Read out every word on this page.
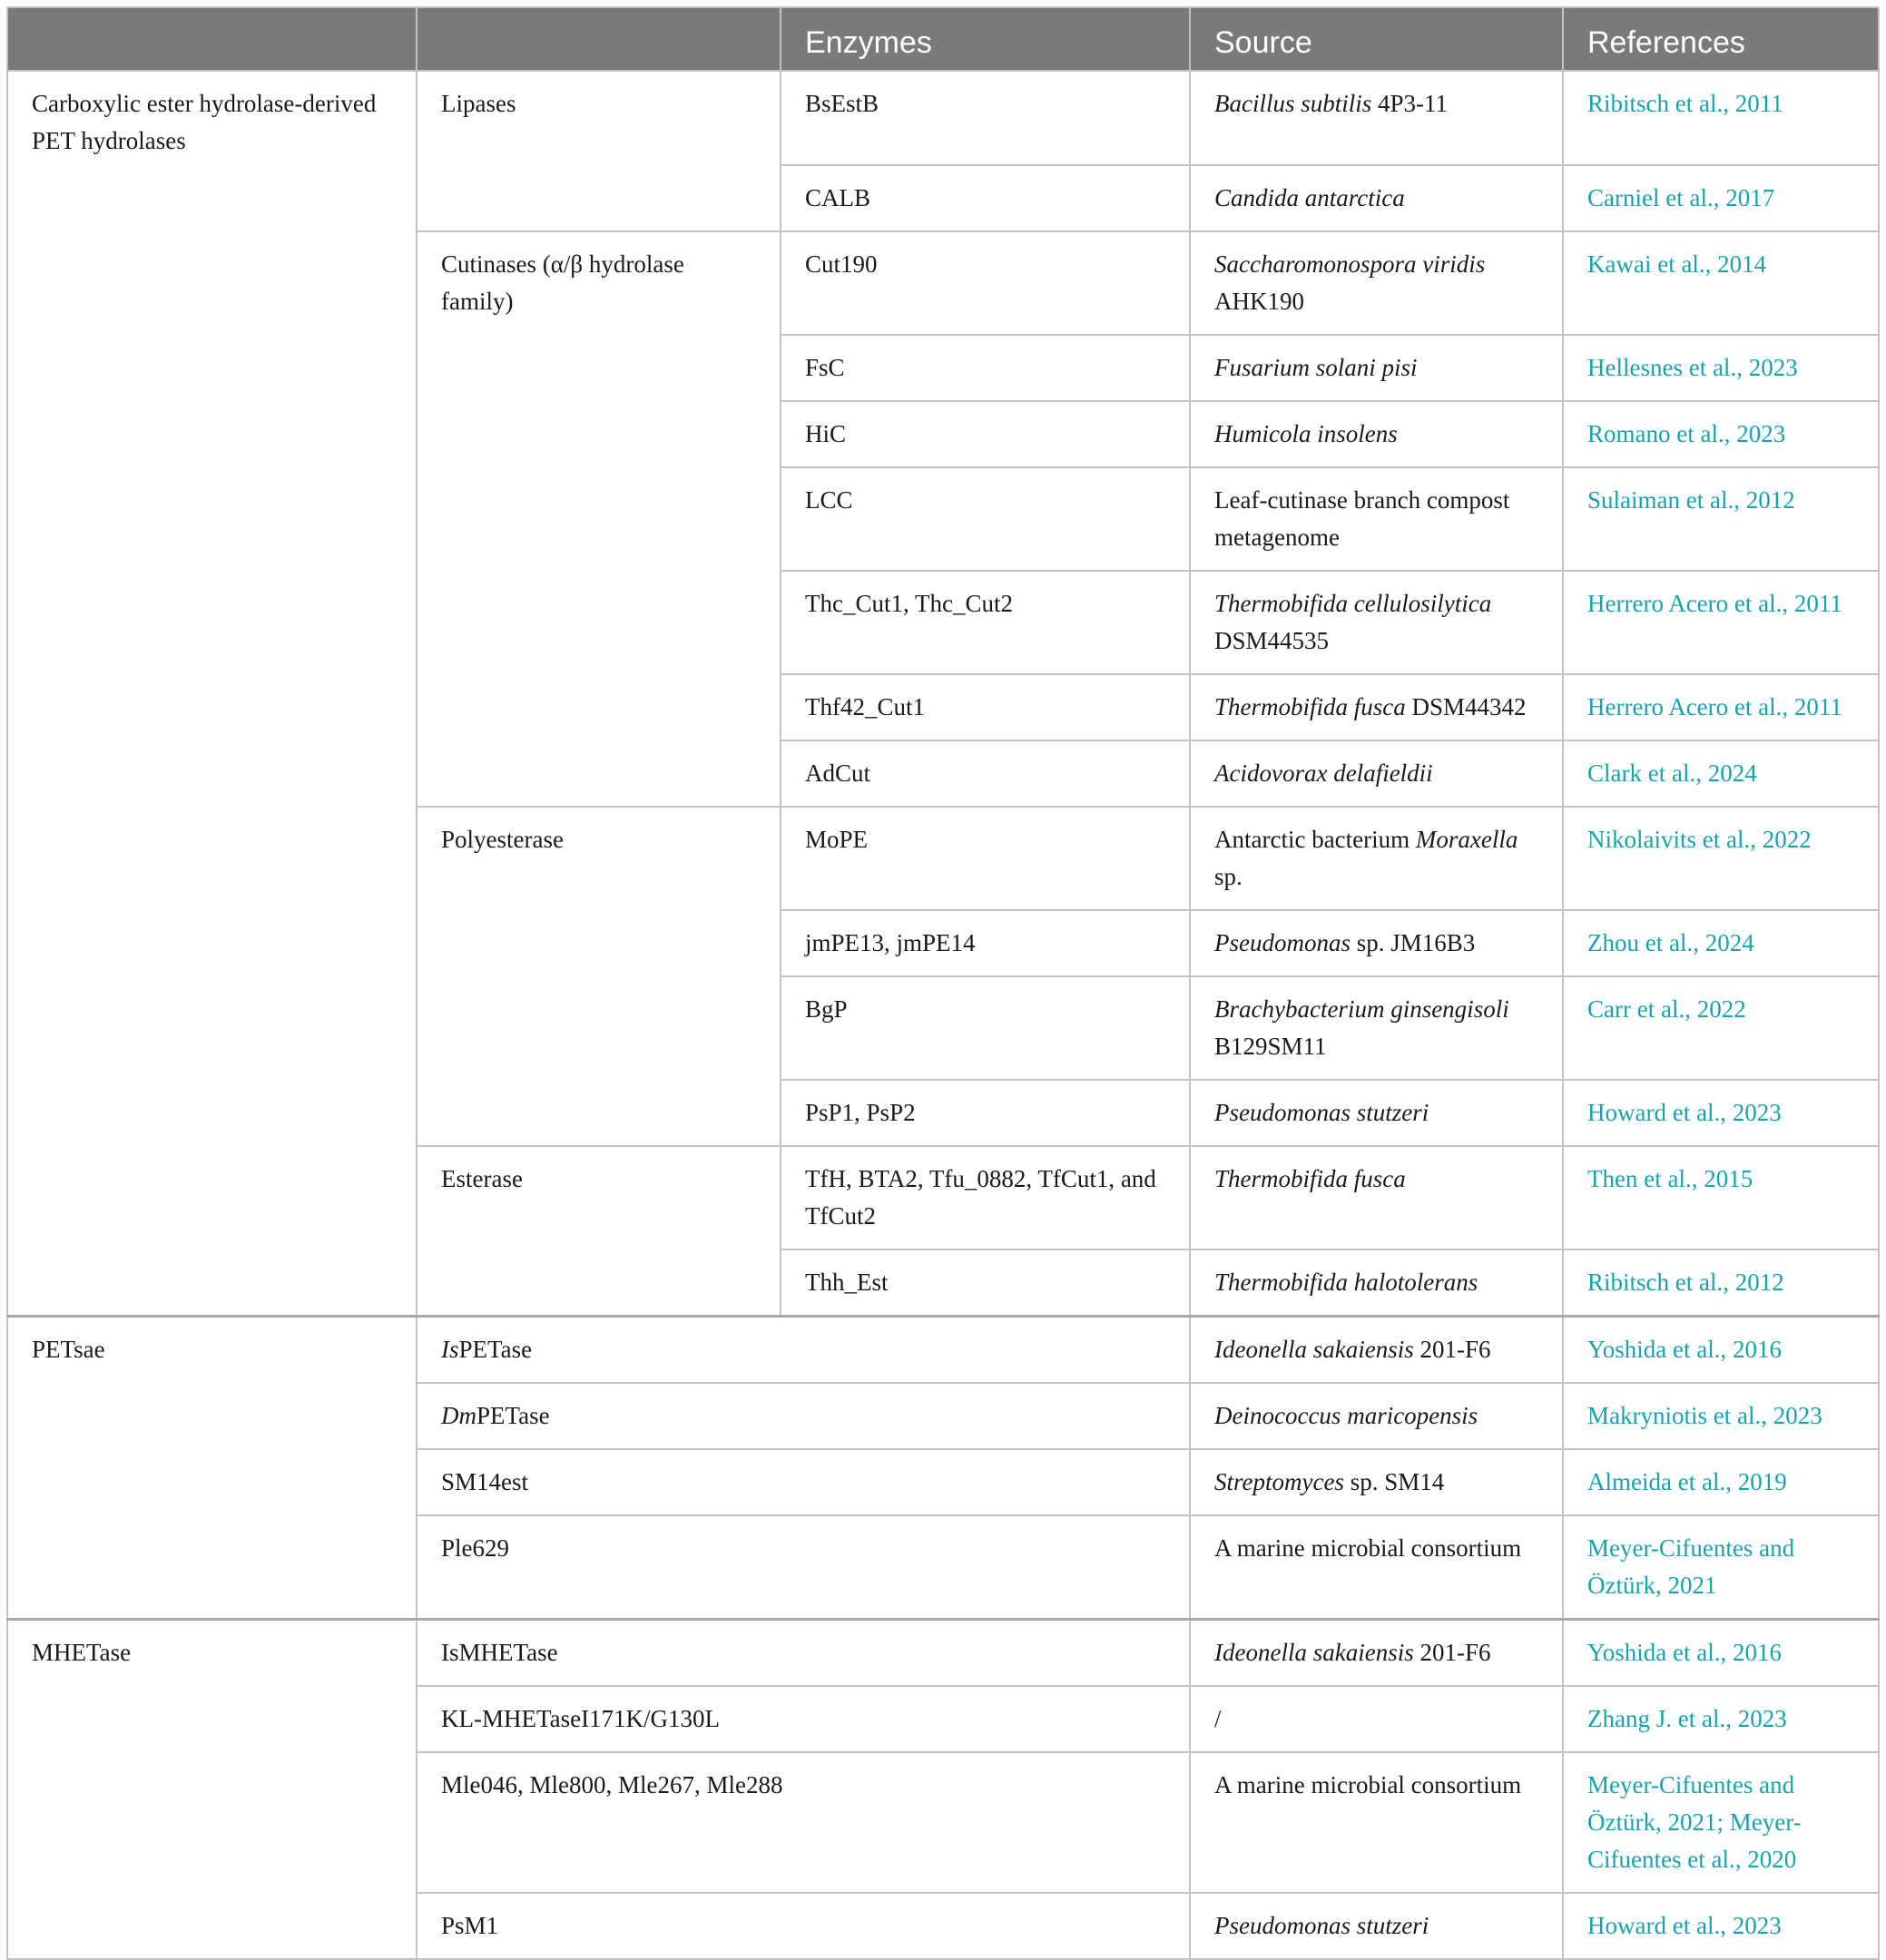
		Enzymes	Source	References
Carboxylic ester hydrolase-derived PET hydrolases	Lipases	BsEstB	Bacillus subtilis 4P3-11	Ribitsch et al., 2011
		CALB	Candida antarctica	Carniel et al., 2017
	Cutinases (α/β hydrolase family)	Cut190	Saccharomonospora viridis AHK190	Kawai et al., 2014
		FsC	Fusarium solani pisi	Hellesnes et al., 2023
		HiC	Humicola insolens	Romano et al., 2023
		LCC	Leaf-cutinase branch compost metagenome	Sulaiman et al., 2012
		Thc_Cut1, Thc_Cut2	Thermobifida cellulosilytica DSM44535	Herrero Acero et al., 2011
		Thf42_Cut1	Thermobifida fusca DSM44342	Herrero Acero et al., 2011
		AdCut	Acidovorax delafieldii	Clark et al., 2024
	Polyesterase	MoPE	Antarctic bacterium Moraxella sp.	Nikolaivits et al., 2022
		jmPE13, jmPE14	Pseudomonas sp. JM16B3	Zhou et al., 2024
		BgP	Brachybacterium ginsengisoli B129SM11	Carr et al., 2022
		PsP1, PsP2	Pseudomonas stutzeri	Howard et al., 2023
	Esterase	TfH, BTA2, Tfu_0882, TfCut1, and TfCut2	Thermobifida fusca	Then et al., 2015
		Thh_Est	Thermobifida halotolerans	Ribitsch et al., 2012
PETsae	IsPETase		Ideonella sakaiensis 201-F6	Yoshida et al., 2016
	DmPETase		Deinococcus maricopensis	Makryniotis et al., 2023
	SM14est		Streptomyces sp. SM14	Almeida et al., 2019
	Ple629		A marine microbial consortium	Meyer-Cifuentes and Öztürk, 2021
MHETase	IsMHETase		Ideonella sakaiensis 201-F6	Yoshida et al., 2016
	KL-MHETaseI171K/G130L		/	Zhang J. et al., 2023
	Mle046, Mle800, Mle267, Mle288		A marine microbial consortium	Meyer-Cifuentes and Öztürk, 2021; Meyer-Cifuentes et al., 2020
	PsM1		Pseudomonas stutzeri	Howard et al., 2023
